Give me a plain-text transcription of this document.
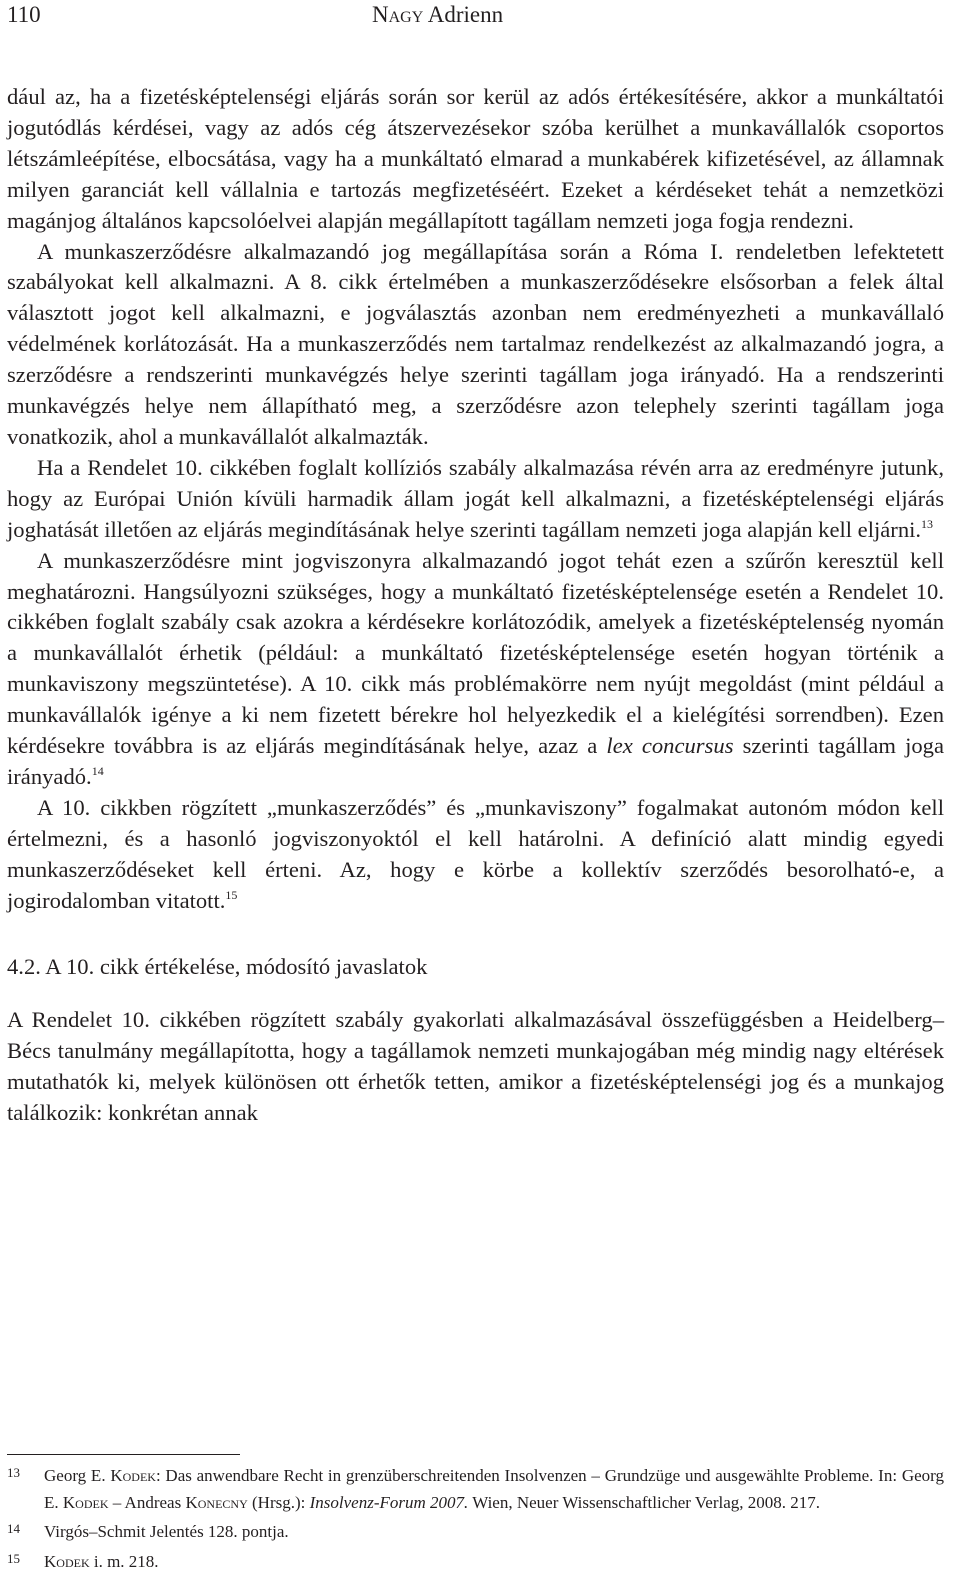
110	Nagy Adrienn

dául az, ha a fizetésképtelenségi eljárás során sor kerül az adós értékesítésére, akkor a munkáltatói jogutódlás kérdései, vagy az adós cég átszervezésekor szóba kerülhet a munkavállalók csoportos létszámleépítése, elbocsátása, vagy ha a munkáltató elmarad a munkabérek kifizetésével, az államnak milyen garanciát kell vállalnia e tartozás megfizetéséért. Ezeket a kérdéseket tehát a nemzetközi magánjog általános kapcsolóelvei alapján megállapított tagállam nemzeti joga fogja rendezni.

A munkaszerződésre alkalmazandó jog megállapítása során a Róma I. rendeletben lefektetett szabályokat kell alkalmazni. A 8. cikk értelmében a munkaszerződésekre elsősorban a felek által választott jogot kell alkalmazni, e jogválasztás azonban nem eredményezheti a munkavállaló védelmének korlátozását. Ha a munkaszerződés nem tartalmaz rendelkezést az alkalmazandó jogra, a szerződésre a rendszerinti munkavégzés helye szerinti tagállam joga irányadó. Ha a rendszerinti munkavégzés helye nem állapítható meg, a szerződésre azon telephely szerinti tagállam joga vonatkozik, ahol a munkavállalót alkalmazták.

Ha a Rendelet 10. cikkében foglalt kollíziós szabály alkalmazása révén arra az eredményre jutunk, hogy az Európai Unión kívüli harmadik állam jogát kell alkalmazni, a fizetésképtelenségi eljárás joghatását illetően az eljárás megindításának helye szerinti tagállam nemzeti joga alapján kell eljárni.$^{13}$

A munkaszerződésre mint jogviszonyra alkalmazandó jogot tehát ezen a szűrőn keresztül kell meghatározni. Hangsúlyozni szükséges, hogy a munkáltató fizetésképtelensége esetén a Rendelet 10. cikkében foglalt szabály csak azokra a kérdésekre korlátozódik, amelyek a fizetésképtelenség nyomán a munkavállalót érhetik (például: a munkáltató fizetésképtelensége esetén hogyan történik a munkaviszony megszüntetése). A 10. cikk más problémakörre nem nyújt megoldást (mint például a munkavállalók igénye a ki nem fizetett bérekre hol helyezkedik el a kielégítési sorrendben). Ezen kérdésekre továbbra is az eljárás megindításának helye, azaz a lex concursus szerinti tagállam joga irányadó.$^{14}$

A 10. cikkben rögzített „munkaszerződés” és „munkaviszony” fogalmakat autonóm módon kell értelmezni, és a hasonló jogviszonyoktól el kell határolni. A definíció alatt mindig egyedi munkaszerződéseket kell érteni. Az, hogy e körbe a kollektív szerződés besorolható-e, a jogirodalomban vitatott.$^{15}$

4.2. A 10. cikk értékelése, módosító javaslatok

A Rendelet 10. cikkében rögzített szabály gyakorlati alkalmazásával összefüggésben a Heidelberg–Bécs tanulmány megállapította, hogy a tagállamok nemzeti munkajogában még mindig nagy eltérések mutathatók ki, melyek különösen ott érhetők tetten, amikor a fizetésképtelenségi jog és a munkajog találkozik: konkrétan annak

13	Georg E. Kodek: Das anwendbare Recht in grenzüberschreitenden Insolvenzen – Grundzüge und ausgewählte Probleme. In: Georg E. Kodek – Andreas Konecny (Hrsg.): Insolvenz-Forum 2007. Wien, Neuer Wissenschaftlicher Verlag, 2008. 217.
14	Virgós–Schmit Jelentés 128. pontja.
15	Kodek i. m. 218.
